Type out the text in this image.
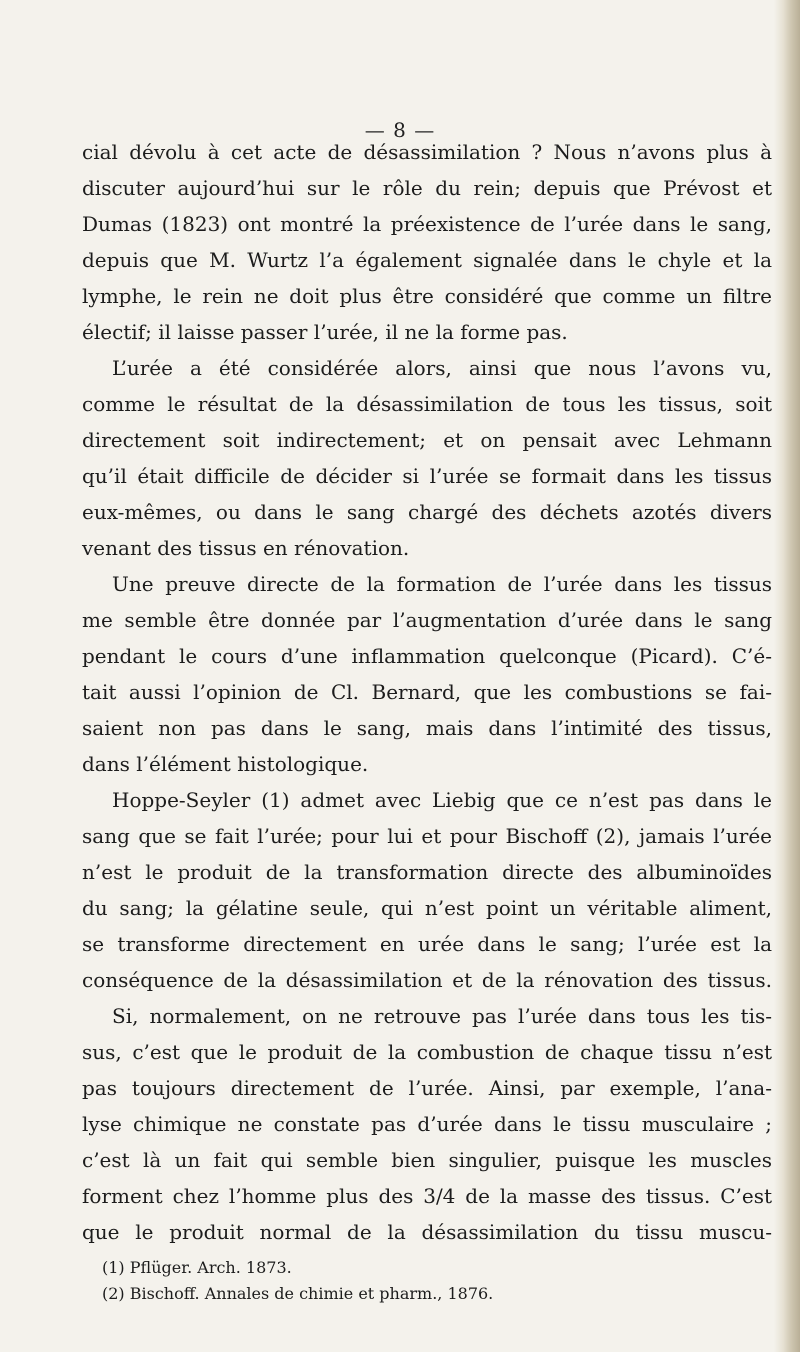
— 8 —
cial dévolu à cet acte de désassimilation ? Nous n’avons plus à
discuter aujourd’hui sur le rôle du rein; depuis que Prévost et
Dumas (1823) ont montré la préexistence de l’urée dans le sang,
depuis que M. Wurtz l’a également signalée dans le chyle et la
lymphe, le rein ne doit plus être considéré que comme un filtre
électif; il laisse passer l’urée, il ne la forme pas.
L’urée a été considérée alors, ainsi que nous l’avons vu,
comme le résultat de la désassimilation de tous les tissus, soit
directement soit indirectement; et on pensait avec Lehmann
qu’il était difficile de décider si l’urée se formait dans les tissus
eux-mêmes, ou dans le sang chargé des déchets azotés divers
venant des tissus en rénovation.
Une preuve directe de la formation de l’urée dans les tissus
me semble être donnée par l’augmentation d’urée dans le sang
pendant le cours d’une inflammation quelconque (Picard). C’é-
tait aussi l’opinion de Cl. Bernard, que les combustions se fai-
saient non pas dans le sang, mais dans l’intimité des tissus,
dans l’élément histologique.
Hoppe-Seyler (1) admet avec Liebig que ce n’est pas dans le
sang que se fait l’urée; pour lui et pour Bischoff (2), jamais l’urée
n’est le produit de la transformation directe des albuminoïdes
du sang; la gélatine seule, qui n’est point un véritable aliment,
se transforme directement en urée dans le sang; l’urée est la
conséquence de la désassimilation et de la rénovation des tissus.
Si, normalement, on ne retrouve pas l’urée dans tous les tis-
sus, c’est que le produit de la combustion de chaque tissu n’est
pas toujours directement de l’urée. Ainsi, par exemple, l’ana-
lyse chimique ne constate pas d’urée dans le tissu musculaire ;
c’est là un fait qui semble bien singulier, puisque les muscles
forment chez l’homme plus des 3/4 de la masse des tissus. C’est
que le produit normal de la désassimilation du tissu muscu-
(1) Pflüger. Arch. 1873.
(2) Bischoff. Annales de chimie et pharm., 1876.
